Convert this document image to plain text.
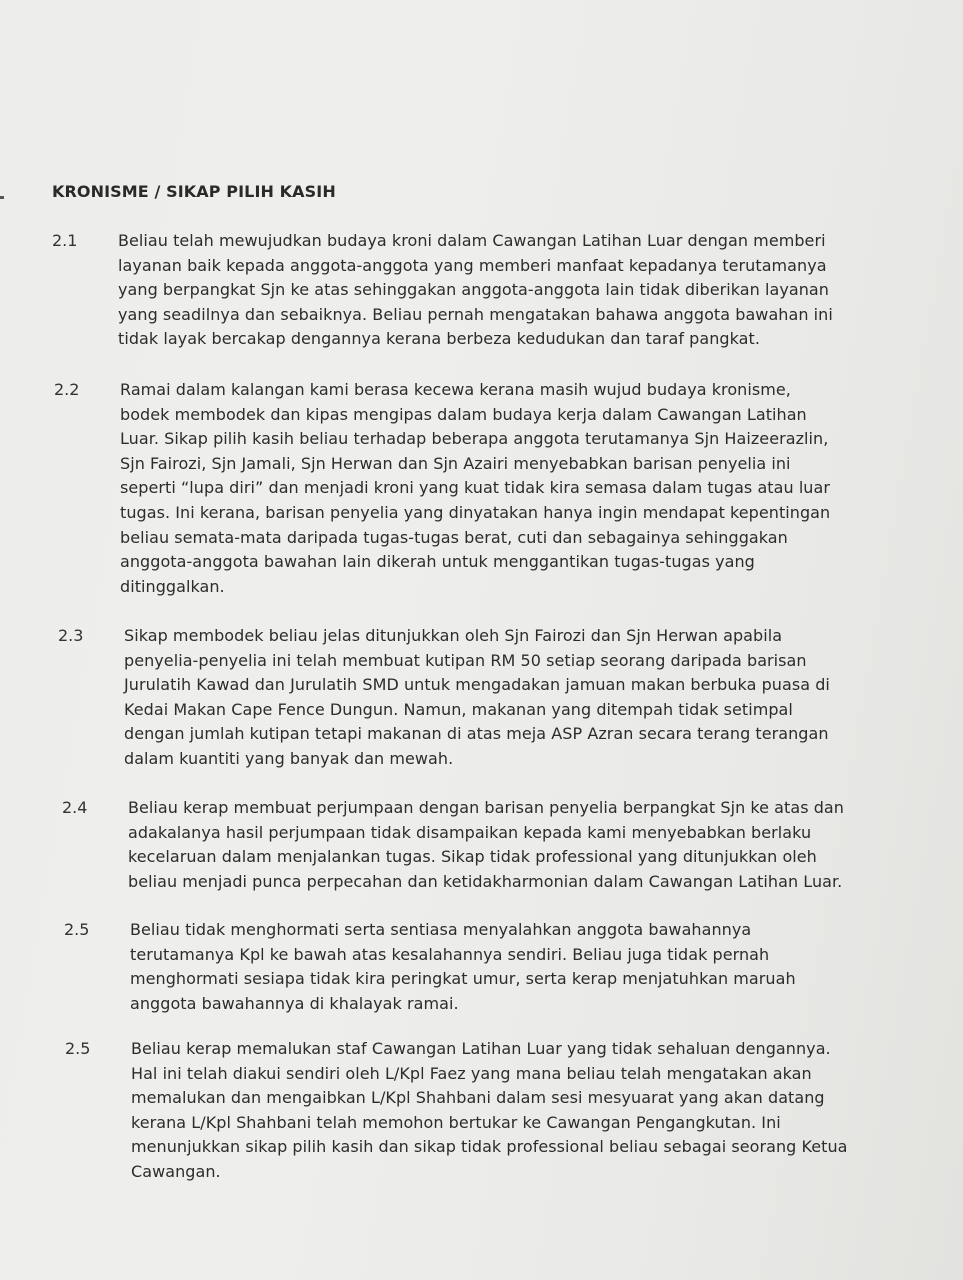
KRONISME / SIKAP PILIH KASIH
2.1	Beliau telah mewujudkan budaya kroni dalam Cawangan Latihan Luar dengan memberi
layanan baik kepada anggota-anggota yang memberi manfaat kepadanya terutamanya
yang berpangkat Sjn ke atas sehinggakan anggota-anggota lain tidak diberikan layanan
yang seadilnya dan sebaiknya. Beliau pernah mengatakan bahawa anggota bawahan ini
tidak layak bercakap dengannya kerana berbeza kedudukan dan taraf pangkat.
2.2	Ramai dalam kalangan kami berasa kecewa kerana masih wujud budaya kronisme,
bodek membodek dan kipas mengipas dalam budaya kerja dalam Cawangan Latihan
Luar. Sikap pilih kasih beliau terhadap beberapa anggota terutamanya Sjn Haizeerazlin,
Sjn Fairozi, Sjn Jamali, Sjn Herwan dan Sjn Azairi menyebabkan barisan penyelia ini
seperti “lupa diri” dan menjadi kroni yang kuat tidak kira semasa dalam tugas atau luar
tugas. Ini kerana, barisan penyelia yang dinyatakan hanya ingin mendapat kepentingan
beliau semata-mata daripada tugas-tugas berat, cuti dan sebagainya sehinggakan
anggota-anggota bawahan lain dikerah untuk menggantikan tugas-tugas yang
ditinggalkan.
2.3	Sikap membodek beliau jelas ditunjukkan oleh Sjn Fairozi dan Sjn Herwan apabila
penyelia-penyelia ini telah membuat kutipan RM 50 setiap seorang daripada barisan
Jurulatih Kawad dan Jurulatih SMD untuk mengadakan jamuan makan berbuka puasa di
Kedai Makan Cape Fence Dungun. Namun, makanan yang ditempah tidak setimpal
dengan jumlah kutipan tetapi makanan di atas meja ASP Azran secara terang terangan
dalam kuantiti yang banyak dan mewah.
2.4	Beliau kerap membuat perjumpaan dengan barisan penyelia berpangkat Sjn ke atas dan
adakalanya hasil perjumpaan tidak disampaikan kepada kami menyebabkan berlaku
kecelaruan dalam menjalankan tugas. Sikap tidak professional yang ditunjukkan oleh
beliau menjadi punca perpecahan dan ketidakharmonian dalam Cawangan Latihan Luar.
2.5	Beliau tidak menghormati serta sentiasa menyalahkan anggota bawahannya
terutamanya Kpl ke bawah atas kesalahannya sendiri. Beliau juga tidak pernah
menghormati sesiapa tidak kira peringkat umur, serta kerap menjatuhkan maruah
anggota bawahannya di khalayak ramai.
2.5	Beliau kerap memalukan staf Cawangan Latihan Luar yang tidak sehaluan dengannya.
Hal ini telah diakui sendiri oleh L/Kpl Faez yang mana beliau telah mengatakan akan
memalukan dan mengaibkan L/Kpl Shahbani dalam sesi mesyuarat yang akan datang
kerana L/Kpl Shahbani telah memohon bertukar ke Cawangan Pengangkutan. Ini
menunjukkan sikap pilih kasih dan sikap tidak professional beliau sebagai seorang Ketua
Cawangan.
